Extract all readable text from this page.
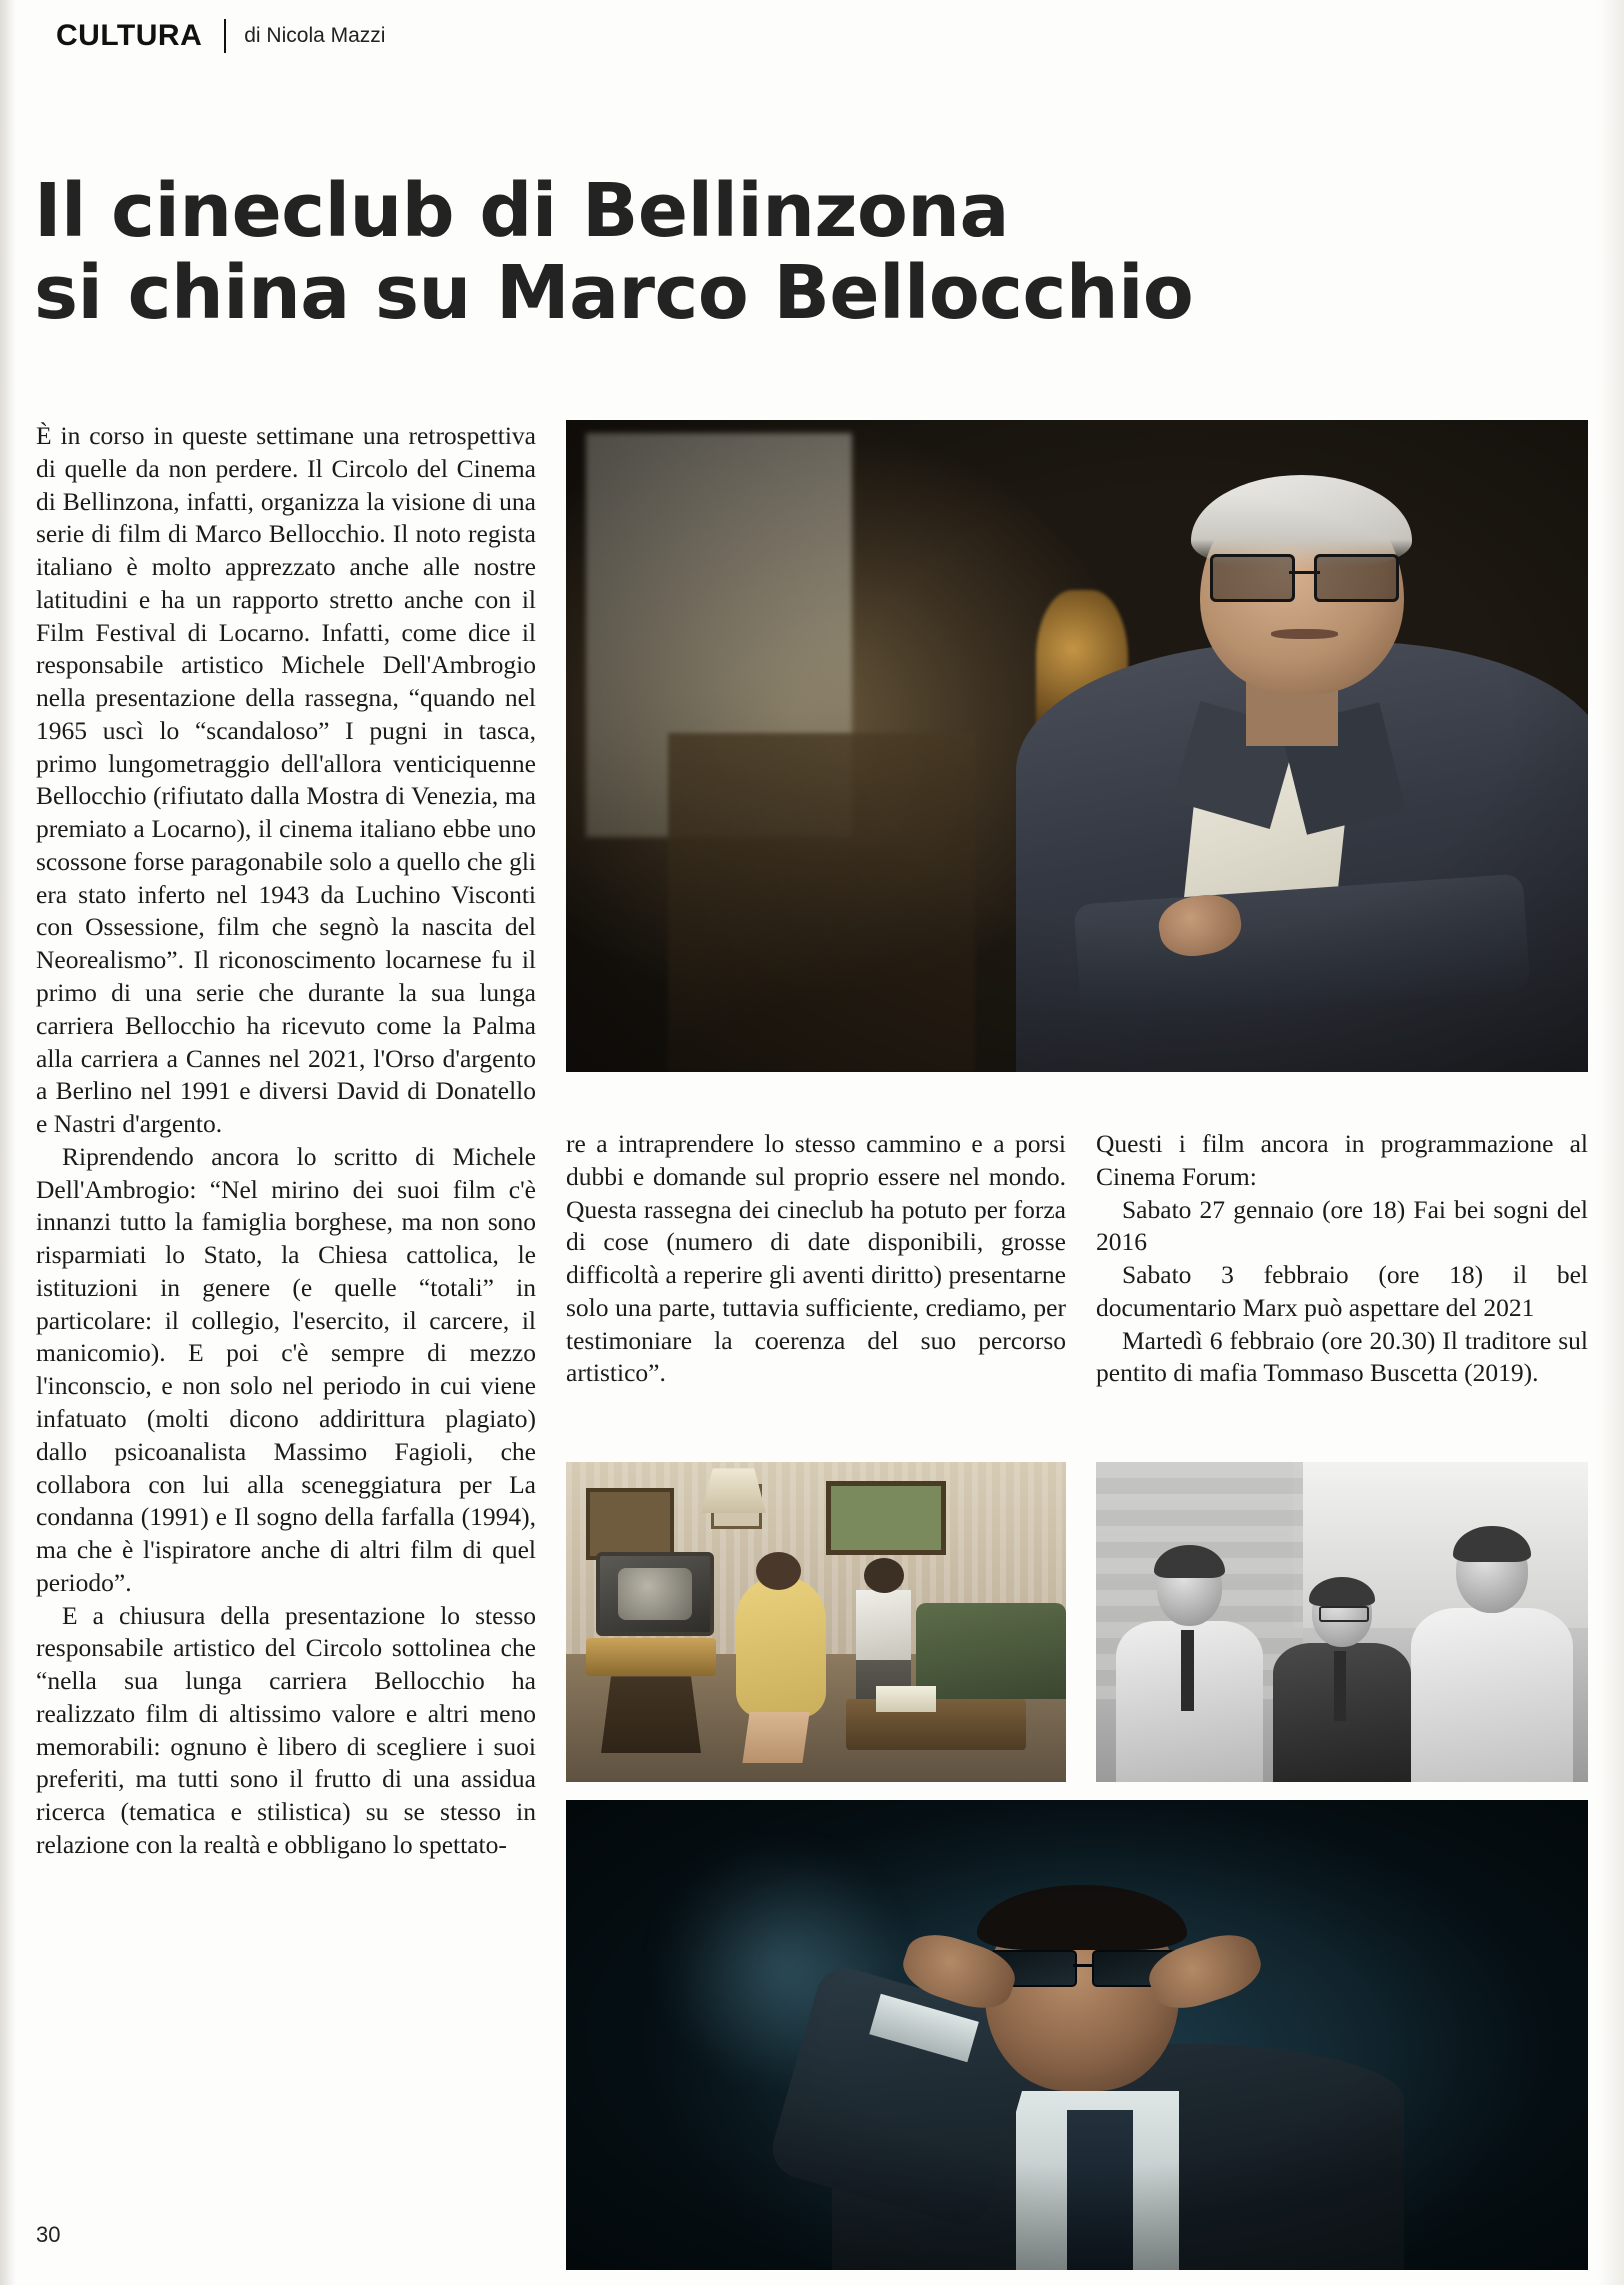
CULTURA di Nicola Mazzi
Il cineclub di Bellinzona
si china su Marco Bellocchio

È in corso in queste settimane una retrospettiva di quelle da non perdere. Il Circolo del Cinema di Bellinzona, infatti, organizza la visione di una serie di film di Marco Bellocchio. Il noto regista italiano è molto apprezzato anche alle nostre latitudini e ha un rapporto stretto anche con il Film Festival di Locarno. Infatti, come dice il responsabile artistico Michele Dell'Ambrogio nella presentazione della rassegna, “quando nel 1965 uscì lo “scandaloso” I pugni in tasca, primo lungometraggio dell'allora venticiquenne Bellocchio (rifiutato dalla Mostra di Venezia, ma premiato a Locarno), il cinema italiano ebbe uno scossone forse paragonabile solo a quello che gli era stato inferto nel 1943 da Luchino Visconti con Ossessione, film che segnò la nascita del Neorealismo”. Il riconoscimento locarnese fu il primo di una serie che durante la sua lunga carriera Bellocchio ha ricevuto come la Palma alla carriera a Cannes nel 2021, l'Orso d'argento a Berlino nel 1991 e diversi David di Donatello e Nastri d'argento.

Riprendendo ancora lo scritto di Michele Dell'Ambrogio: “Nel mirino dei suoi film c'è innanzi tutto la famiglia borghese, ma non sono risparmiati lo Stato, la Chiesa cattolica, le istituzioni in genere (e quelle “totali” in particolare: il collegio, l'esercito, il carcere, il manicomio). E poi c'è sempre di mezzo l'inconscio, e non solo nel periodo in cui viene infatuato (molti dicono addirittura plagiato) dallo psicoanalista Massimo Fagioli, che collabora con lui alla sceneggiatura per La condanna (1991) e Il sogno della farfalla (1994), ma che è l'ispiratore anche di altri film di quel periodo”.

E a chiusura della presentazione lo stesso responsabile artistico del Circolo sottolinea che “nella sua lunga carriera Bellocchio ha realizzato film di altissimo valore e altri meno memorabili: ognuno è libero di scegliere i suoi preferiti, ma tutti sono il frutto di una assidua ricerca (tematica e stilistica) su se stesso in relazione con la realtà e obbligano lo spettato-

re a intraprendere lo stesso cammino e a porsi dubbi e domande sul proprio essere nel mondo. Questa rassegna dei cineclub ha potuto per forza di cose (numero di date disponibili, grosse difficoltà a reperire gli aventi diritto) presentarne solo una parte, tuttavia sufficiente, crediamo, per testimoniare la coerenza del suo percorso artistico”.

Questi i film ancora in programmazione al Cinema Forum:

Sabato 27 gennaio (ore 18) Fai bei sogni del 2016

Sabato 3 febbraio (ore 18) il bel documentario Marx può aspettare del 2021

Martedì 6 febbraio (ore 20.30) Il traditore sul pentito di mafia Tommaso Buscetta (2019).

30
